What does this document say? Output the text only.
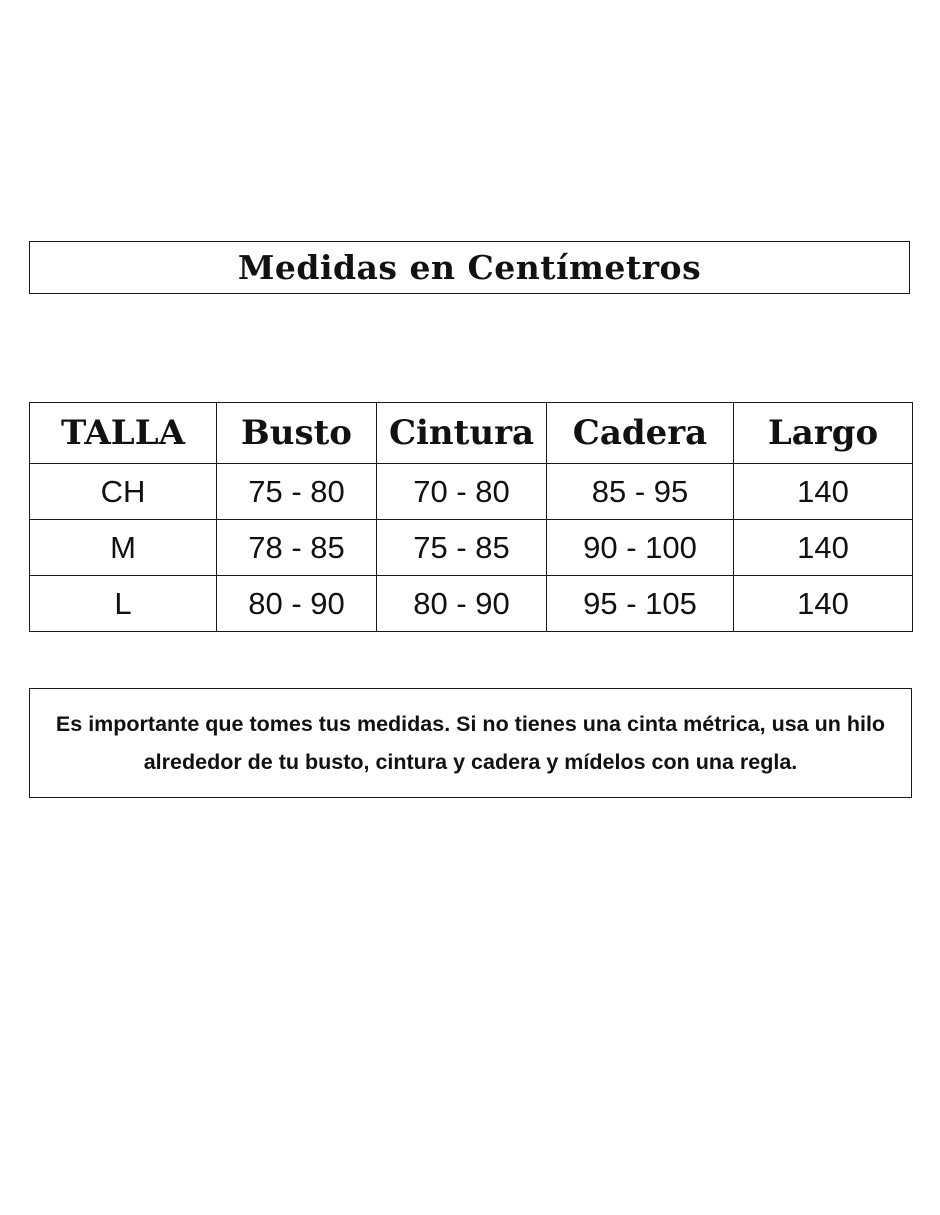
Medidas en Centímetros
TALLA	Busto	Cintura	Cadera	Largo
CH	75 - 80	70 - 80	85 - 95	140
M	78 - 85	75 - 85	90 - 100	140
L	80 - 90	80 - 90	95 - 105	140
Es importante que tomes tus medidas. Si no tienes una cinta métrica, usa un hilo alrededor de tu busto, cintura y cadera y mídelos con una regla.
